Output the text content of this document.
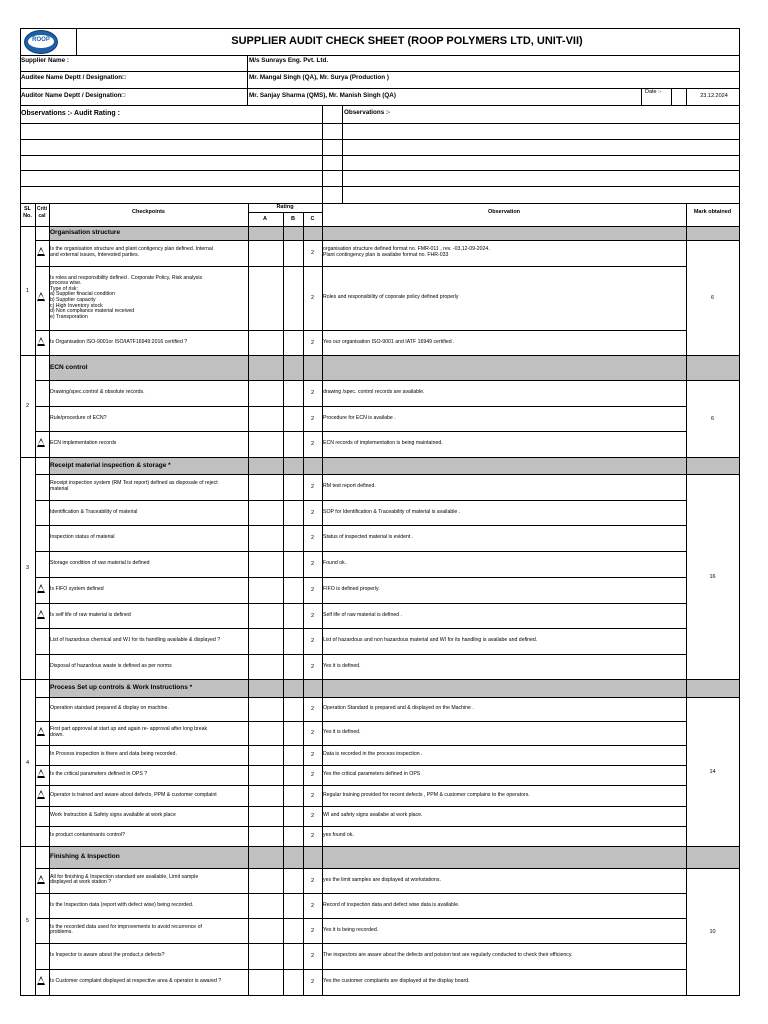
ROOP	SUPPLIER AUDIT CHECK SHEET (ROOP POLYMERS LTD, UNIT-VII)
Supplier Name :	M/s Sunrays Eng. Pvt. Ltd.
Auditee Name Deptt / Designation□	Mr. Mangal Singh (QA), Mr. Surya (Production )
Auditor Name Deptt / Designation□	Mr. Sanjay Sharma (QMS), Mr. Manish Singh (QA)	Date :-
23.12.2024
Observations :- Audit Rating :	Observations :-
SL
No.
Criti
cal
Checkpoints
Rating
A	B	C
Observation	Mark obtained
Organisation structure
1
6
Is the organisation structure and plant contigency plan defined. Internal
and external issues, Interested parties.	2
organisation structure defined format no. FMR-011 , rev. -03,12-09-2024.
Plant contingency plan is availabe format no. FHR-033
Is roles and responsibility defined . Corporate Policy, Risk analysis
process wise.
Type of risk:
a) Supplier finacial condition
b) Supplier capacity
c) High Inventory stock
d) Non compliance material received
e) Transporation
2	Roles and responsibility of coporate policy defined properly
Is Organisation ISO-9001or ISO/IATF16949:2016 certified ?	2	Yes our organisation ISO-9001 and IATF 16949 certified .
ECN control
2
6
Drawing/spec.control & obsolute records.	2	drawing /spec. control records are available.
Rule/procedure of ECN?	2	Procedure for ECN is availabe .
ECN implementation records	2	ECN records of implementation is being maintained.
Receipt material inspection & storage *
3
16
Receipt inspection system (RM Test report) defined as disposale of reject
material	2	RM test report defined.
Identification & Traceability of material	2	SOP for Identification & Traceability of material is available .
Inspection status of material	2	Status of inspected material is evident .
Storage condition of raw material is defined	2	Found ok.
Is FIFO system defined	2	FIFO is defined properly.
Is self life of raw material is defined	2	Self life of raw material is defined .
List of hazardous chemical and W.I for its handling available & displayed ?	2	List of hazardous and non hazardous material and WI for its handling is availabe and defined.
Disposal of hazardous waste is defined as per norms	2	Yes it is defined.
Process Set up controls & Work Instructions *
4
14
Operation standard prepared & display on machine.	2	Operation Standard is prepared and & displayed on the Machine .
First part approval at start up and again re- approval after long break
down.	2	Yes it is defined.
In Process inspection is there and data being recorded.	2	Data is recorded in the process inspection .
Is the critical parameters defined in OPS ?	2	Yes the critical parameters defined in OPS
Operator is trained and aware about defects, PPM & customer complaint	2	Regular training provided for recent defects , PPM & customer complains to the operators.
Work Instruction & Safety signs available at work place	2	WI and safety signs availabe at work place.
Is product contaminants control?	2	yes found ok.
Finishing & Inspection
5
10
All for finishing & Inspection standard are available, Limit sample
displayed at work station ?	2	yes the limit samples are displayed at workstations.
Is the Inspection data (report with defect wise) being recorded.	2	Record of inspection data and defect wise data is available.
Is the recorded data used for improvements to avoid recurrence of
problems.	2	Yes it is being recorded.
Is Inspector is aware about the product,s defects?	2	The inspectors are aware about the defects and poision test are regularly conducted to check their efficiency.
Is Customer complaint displayed at respective area & operator is awared ?	2	Yes the customer complaints are displayed at the display board.
